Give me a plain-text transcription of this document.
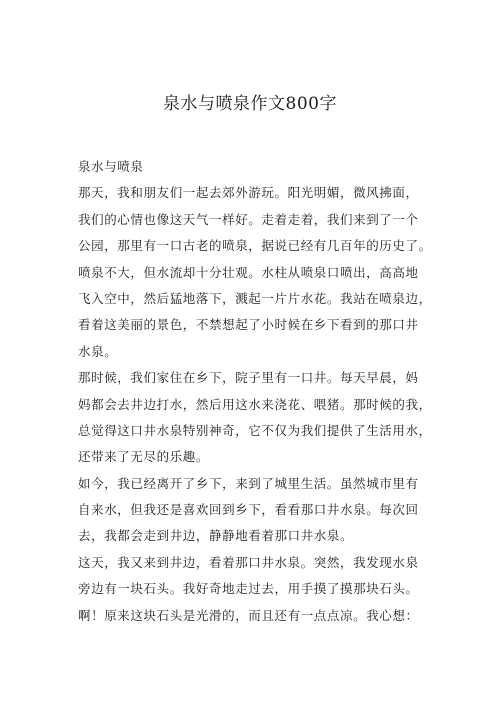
泉水与喷泉作文800字
泉水与喷泉
那天，我和朋友们一起去郊外游玩。阳光明媚，微风拂面，
我们的心情也像这天气一样好。走着走着，我们来到了一个
公园，那里有一口古老的喷泉，据说已经有几百年的历史了。
喷泉不大，但水流却十分壮观。水柱从喷泉口喷出，高高地
飞入空中，然后猛地落下，溅起一片片水花。我站在喷泉边，
看着这美丽的景色，不禁想起了小时候在乡下看到的那口井
水泉。
那时候，我们家住在乡下，院子里有一口井。每天早晨，妈
妈都会去井边打水，然后用这水来浇花、喂猪。那时候的我，
总觉得这口井水泉特别神奇，它不仅为我们提供了生活用水，
还带来了无尽的乐趣。
如今，我已经离开了乡下，来到了城里生活。虽然城市里有
自来水，但我还是喜欢回到乡下，看看那口井水泉。每次回
去，我都会走到井边，静静地看着那口井水泉。
这天，我又来到井边，看着那口井水泉。突然，我发现水泉
旁边有一块石头。我好奇地走过去，用手摸了摸那块石头。
啊！原来这块石头是光滑的，而且还有一点点凉。我心想：
